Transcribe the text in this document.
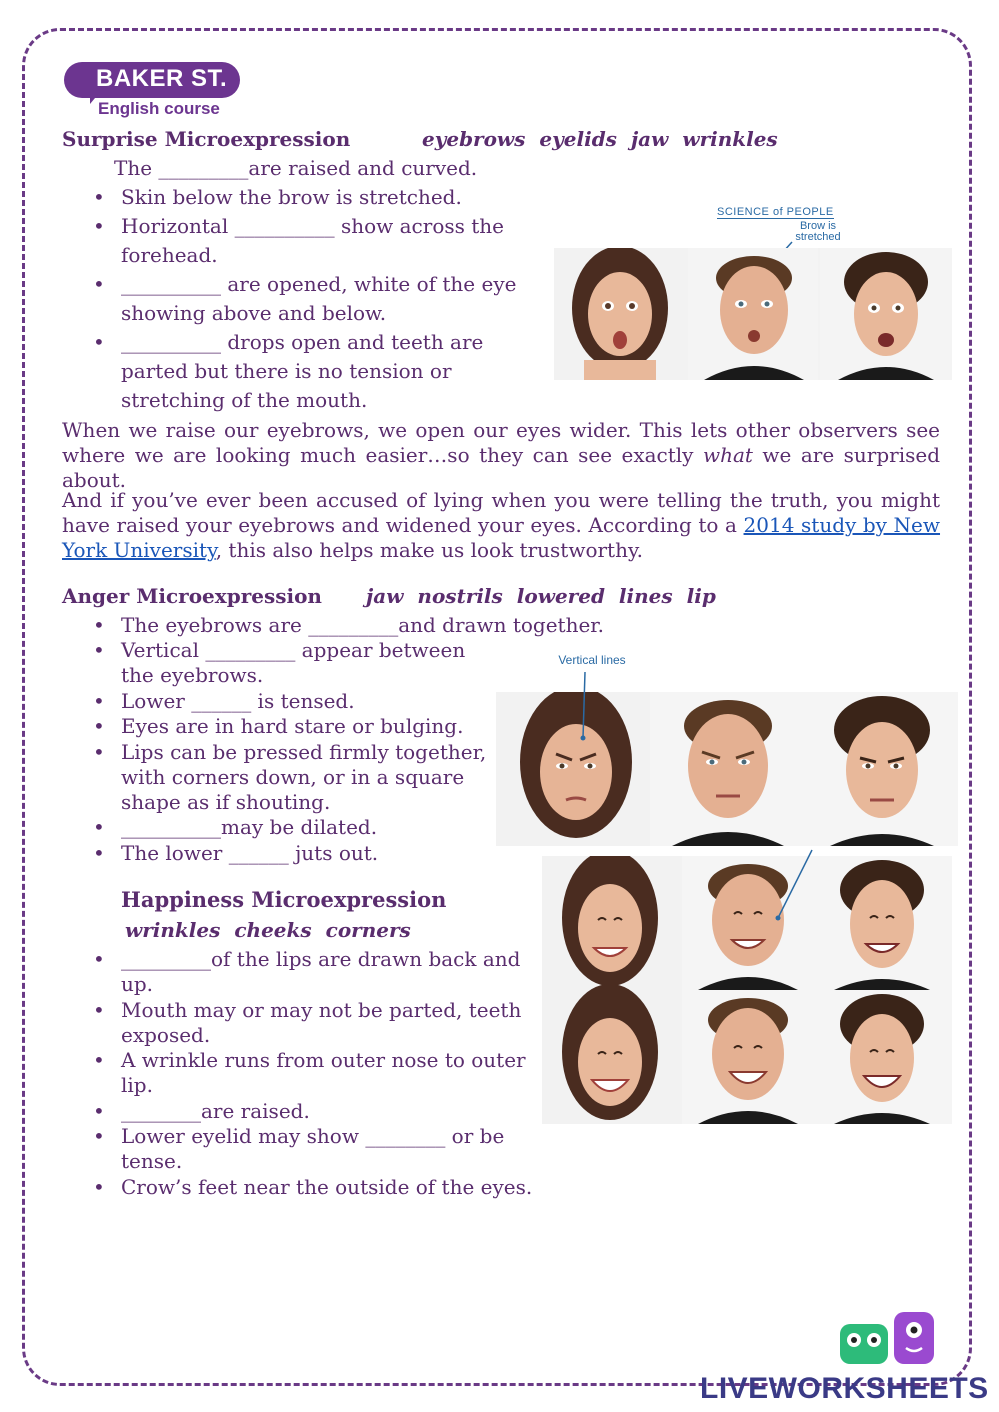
BAKER ST.
English course
Surprise Microexpression	eyebrows eyelids jaw wrinkles
The _________are raised and curved.
• Skin below the brow is stretched.
• Horizontal __________ show across the
forehead.
• __________ are opened, white of the eye
showing above and below.
• __________ drops open and teeth are
parted but there is no tension or
stretching of the mouth.
SCIENCE of PEOPLE
Brow is stretched
When we raise our eyebrows, we open our eyes wider. This lets other observers see where we are looking much easier…so they can see exactly what we are surprised about.
And if you’ve ever been accused of lying when you were telling the truth, you might have raised your eyebrows and widened your eyes. According to a 2014 study by New York University, this also helps make us look trustworthy.
Anger Microexpression jaw nostrils lowered lines lip
• The eyebrows are _________and drawn together.
• Vertical _________ appear between
the eyebrows.
• Lower ______ is tensed.
• Eyes are in hard stare or bulging.
• Lips can be pressed firmly together,
with corners down, or in a square
shape as if shouting.
• __________may be dilated.
• The lower ______ juts out.
Vertical lines
Happiness Microexpression
wrinkles cheeks corners
• _________of the lips are drawn back and
up.
• Mouth may or may not be parted, teeth
exposed.
• A wrinkle runs from outer nose to outer
lip.
• ________are raised.
• Lower eyelid may show ________ or be
tense.
• Crow’s feet near the outside of the eyes.
LIVEWORKSHEETS
